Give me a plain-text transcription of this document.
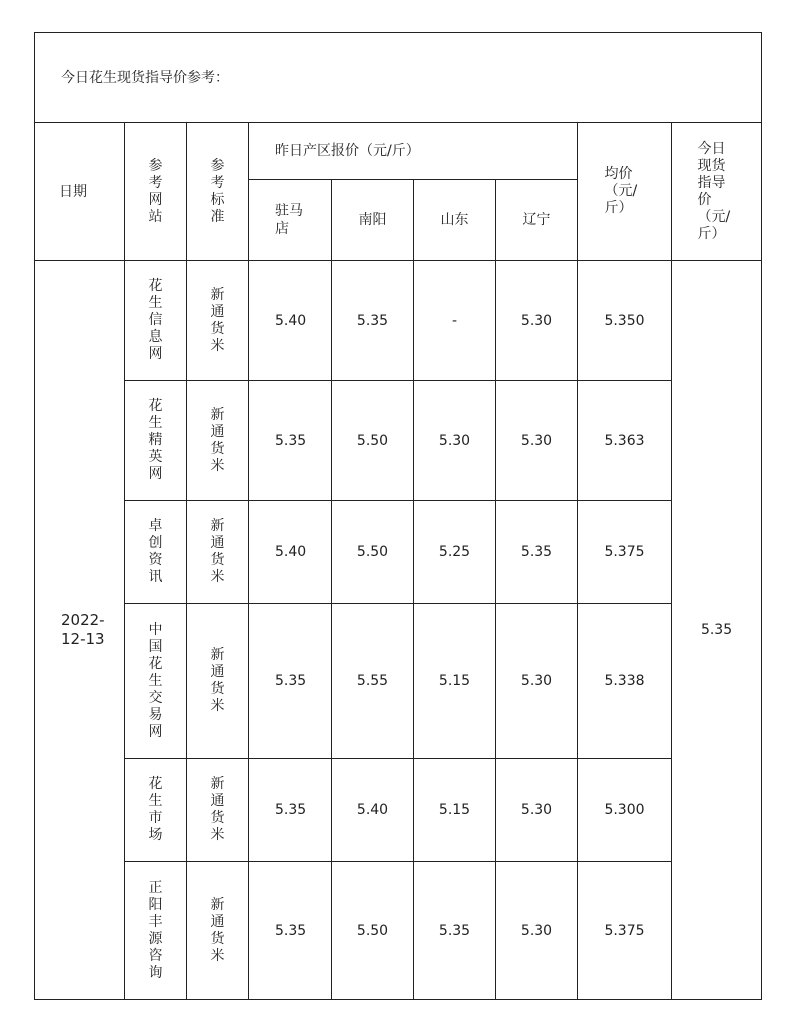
今日花生现货指导价参考：								
日期	参考网站	参考标准	昨日产区报价（元/斤）				均价（元/斤）	今日现货指导价 （元/斤）
			驻马店	南阳	山东	辽宁		
2022-12-13	花生信息网	新通货米	5.40	5.35	-	5.30	5.350	5.35
	花生精英网	新通货米	5.35	5.50	5.30	5.30	5.363	
	卓创资讯	新通货米	5.40	5.50	5.25	5.35	5.375	
	中国花生交易网	新通货米	5.35	5.55	5.15	5.30	5.338	
	花生市场	新通货米	5.35	5.40	5.15	5.30	5.300	
	正阳丰源咨询	新通货米	5.35	5.50	5.35	5.30	5.375	
